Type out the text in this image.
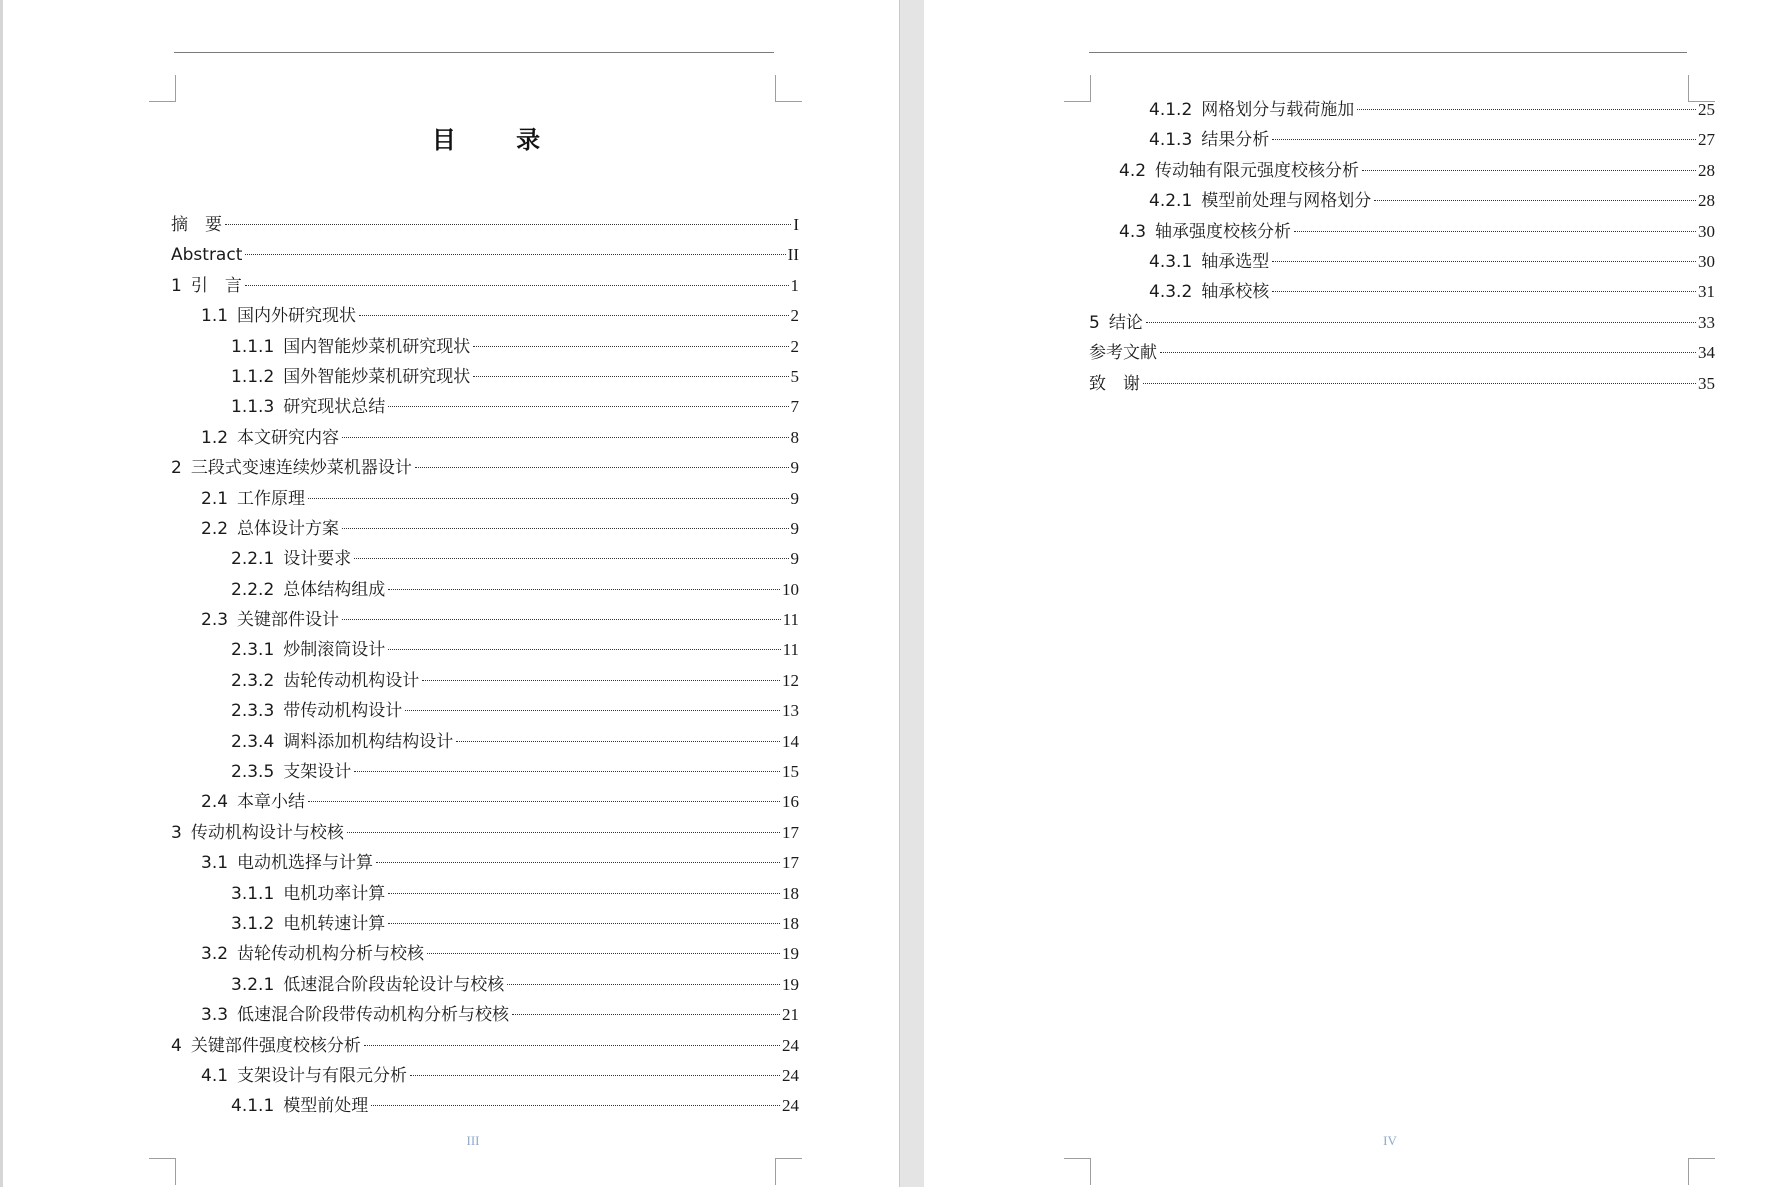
目 录
摘　要	I
Abstract	II
1 引　言	1
1.1 国内外研究现状	2
1.1.1 国内智能炒菜机研究现状	2
1.1.2 国外智能炒菜机研究现状	5
1.1.3 研究现状总结	7
1.2 本文研究内容	8
2 三段式变速连续炒菜机器设计	9
2.1 工作原理	9
2.2 总体设计方案	9
2.2.1 设计要求	9
2.2.2 总体结构组成	10
2.3 关键部件设计	11
2.3.1 炒制滚筒设计	11
2.3.2 齿轮传动机构设计	12
2.3.3 带传动机构设计	13
2.3.4 调料添加机构结构设计	14
2.3.5 支架设计	15
2.4 本章小结	16
3 传动机构设计与校核	17
3.1 电动机选择与计算	17
3.1.1 电机功率计算	18
3.1.2 电机转速计算	18
3.2 齿轮传动机构分析与校核	19
3.2.1 低速混合阶段齿轮设计与校核	19
3.3 低速混合阶段带传动机构分析与校核	21
4 关键部件强度校核分析	24
4.1 支架设计与有限元分析	24
4.1.1 模型前处理	24
III
4.1.2 网格划分与载荷施加	25
4.1.3 结果分析	27
4.2 传动轴有限元强度校核分析	28
4.2.1 模型前处理与网格划分	28
4.3 轴承强度校核分析	30
4.3.1 轴承选型	30
4.3.2 轴承校核	31
5 结论	33
参考文献	34
致　谢	35
IV
